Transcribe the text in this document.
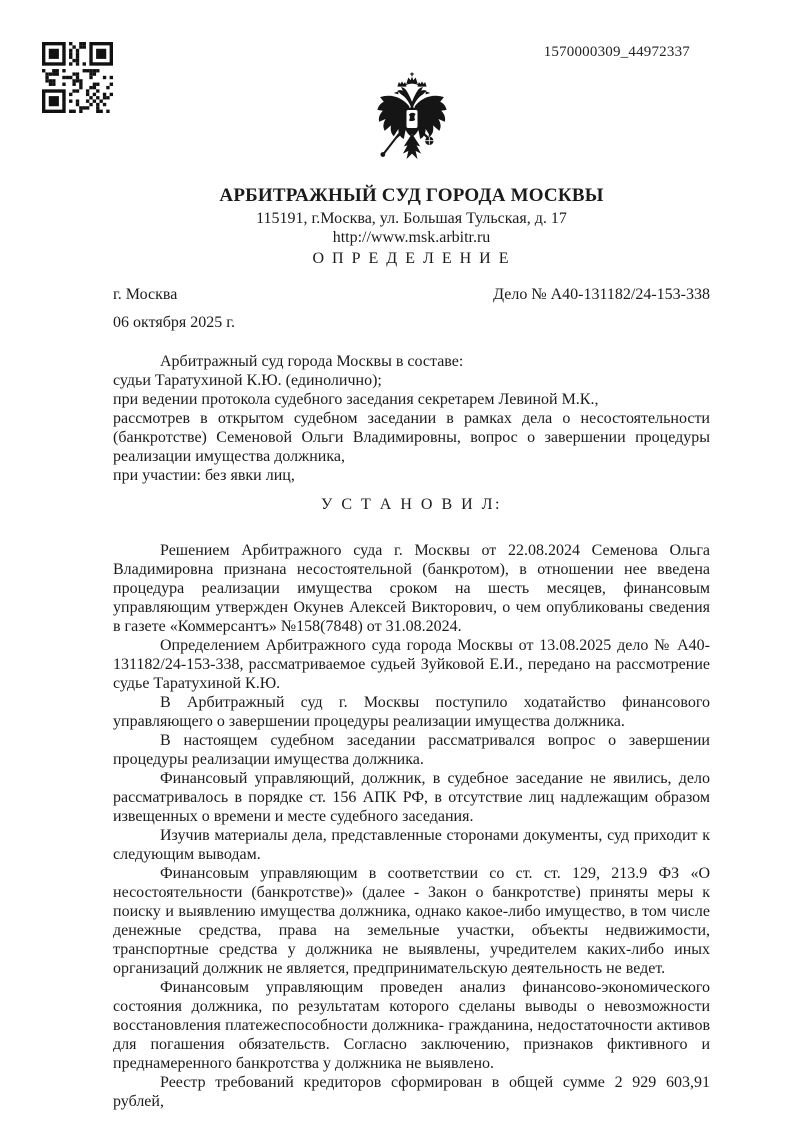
1570000309_44972337
АРБИТРАЖНЫЙ СУД ГОРОДА МОСКВЫ
115191, г.Москва, ул. Большая Тульская, д. 17
http://www.msk.arbitr.ru
О П Р Е Д Е Л Е Н И Е
г. Москва	Дело № А40-131182/24-153-338
06 октября 2025 г.

Арбитражный суд города Москвы в составе:

судьи Таратухиной К.Ю. (единолично);

при ведении протокола судебного заседания секретарем Левиной М.К.,

рассмотрев в открытом судебном заседании в рамках дела о несостоятельности (банкротстве) Семеновой Ольги Владимировны, вопрос о завершении процедуры реализации имущества должника,

при участии: без явки лиц,

У С Т А Н О В И Л:

Решением Арбитражного суда г. Москвы от 22.08.2024 Семенова Ольга Владимировна признана несостоятельной (банкротом), в отношении нее введена процедура реализации имущества сроком на шесть месяцев, финансовым управляющим утвержден Окунев Алексей Викторович, о чем опубликованы сведения в газете «Коммерсантъ» №158(7848) от 31.08.2024.

Определением Арбитражного суда города Москвы от 13.08.2025 дело № А40-131182/24-153-338, рассматриваемое судьей Зуйковой Е.И., передано на рассмотрение судье Таратухиной К.Ю.

В Арбитражный суд г. Москвы поступило ходатайство финансового управляющего о завершении процедуры реализации имущества должника.

В настоящем судебном заседании рассматривался вопрос о завершении процедуры реализации имущества должника.

Финансовый управляющий, должник, в судебное заседание не явились, дело рассматривалось в порядке ст. 156 АПК РФ, в отсутствие лиц надлежащим образом извещенных о времени и месте судебного заседания.

Изучив материалы дела, представленные сторонами документы, суд приходит к следующим выводам.

Финансовым управляющим в соответствии со ст. ст. 129, 213.9 ФЗ «О несостоятельности (банкротстве)» (далее - Закон о банкротстве) приняты меры к поиску и выявлению имущества должника, однако какое-либо имущество, в том числе денежные средства, права на земельные участки, объекты недвижимости, транспортные средства у должника не выявлены, учредителем каких-либо иных организаций должник не является, предпринимательскую деятельность не ведет.

Финансовым управляющим проведен анализ финансово-экономического состояния должника, по результатам которого сделаны выводы о невозможности восстановления платежеспособности должника- гражданина, недостаточности активов для погашения обязательств. Согласно заключению, признаков фиктивного и преднамеренного банкротства у должника не выявлено.

Реестр требований кредиторов сформирован в общей сумме 2 929 603,91 рублей,
